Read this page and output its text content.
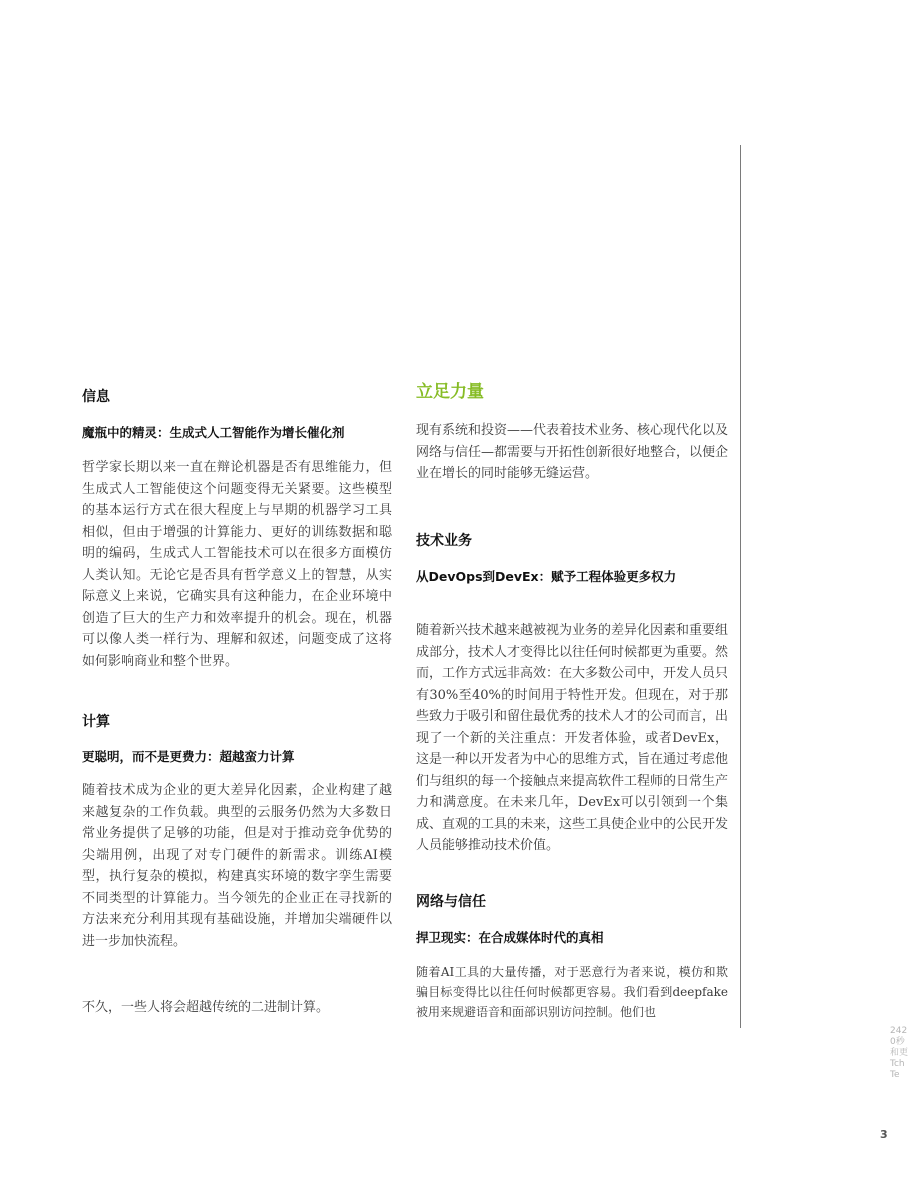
信息
魔瓶中的精灵：生成式人工智能作为增长催化剂

哲学家长期以来一直在辩论机器是否有思维能力，但生成式人工智能使这个问题变得无关紧要。这些模型的基本运行方式在很大程度上与早期的机器学习工具相似，但由于增强的计算能力、更好的训练数据和聪明的编码，生成式人工智能技术可以在很多方面模仿人类认知。无论它是否具有哲学意义上的智慧，从实际意义上来说，它确实具有这种能力，在企业环境中创造了巨大的生产力和效率提升的机会。现在，机器可以像人类一样行为、理解和叙述，问题变成了这将如何影响商业和整个世界。

计算
更聪明，而不是更费力：超越蛮力计算

随着技术成为企业的更大差异化因素，企业构建了越来越复杂的工作负载。典型的云服务仍然为大多数日常业务提供了足够的功能，但是对于推动竞争优势的尖端用例，出现了对专门硬件的新需求。训练AI模型，执行复杂的模拟，构建真实环境的数字孪生需要不同类型的计算能力。当今领先的企业正在寻找新的方法来充分利用其现有基础设施，并增加尖端硬件以进一步加快流程。

不久，一些人将会超越传统的二进制计算。

立足力量

现有系统和投资——代表着技术业务、核心现代化以及网络与信任—都需要与开拓性创新很好地整合，以便企业在增长的同时能够无缝运营。

技术业务
从DevOps到DevEx：赋予工程体验更多权力

随着新兴技术越来越被视为业务的差异化因素和重要组成部分，技术人才变得比以往任何时候都更为重要。然而，工作方式远非高效：在大多数公司中，开发人员只有30%至40%的时间用于特性开发。但现在，对于那些致力于吸引和留住最优秀的技术人才的公司而言，出现了一个新的关注重点：开发者体验，或者DevEx，这是一种以开发者为中心的思维方式，旨在通过考虑他们与组织的每一个接触点来提高软件工程师的日常生产力和满意度。在未来几年，DevEx可以引领到一个集成、直观的工具的未来，这些工具使企业中的公民开发人员能够推动技术价值。

网络与信任
捍卫现实：在合成媒体时代的真相

随着AI工具的大量传播，对于恶意行为者来说，模仿和欺骗目标变得比以往任何时候都更容易。我们看到deepfake被用来规避语音和面部识别访问控制。他们也

2420秒和更TchTe
3
